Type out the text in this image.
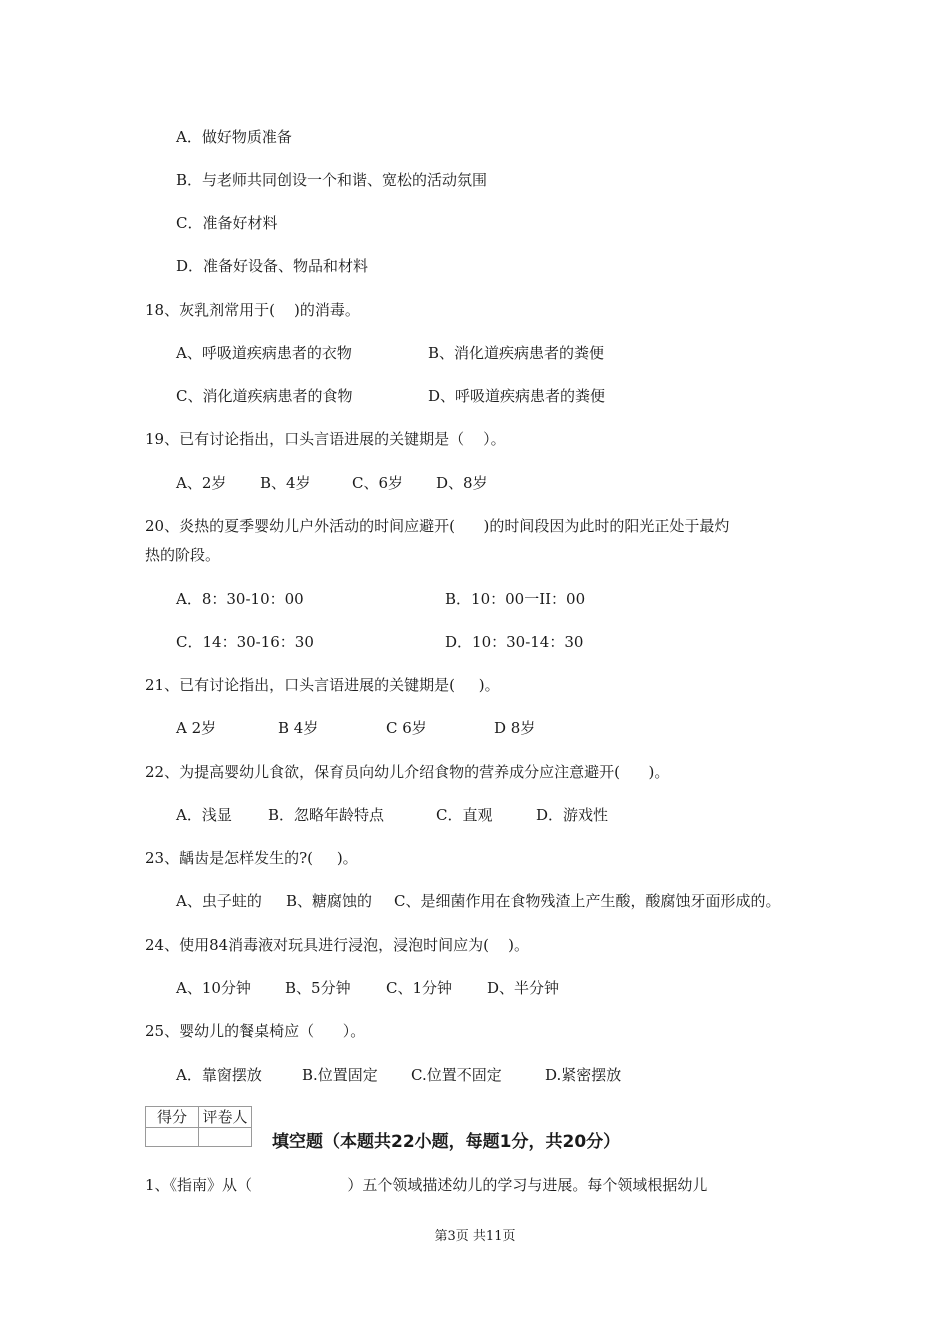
A．做好物质准备
B．与老师共同创设一个和谐、宽松的活动氛围
C．准备好材料
D．准备好设备、物品和材料
18、灰乳剂常用于(    )的消毒。
A、呼吸道疾病患者的衣物	B、消化道疾病患者的粪便
C、消化道疾病患者的食物	D、呼吸道疾病患者的粪便
19、已有讨论指出，口头言语进展的关键期是（    ）。
A、2岁 B、4岁	C、6岁 D、8岁
20、炎热的夏季婴幼儿户外活动的时间应避开(      )的时间段因为此时的阳光正处于最灼
热的阶段。
A．8：30-10：00	B．10：00一II：00
C．14：30-16：30	D．10：30-14：30
21、已有讨论指出，口头言语进展的关键期是(     )。
A 2岁	B 4岁	C 6岁	D 8岁
22、为提高婴幼儿食欲，保育员向幼儿介绍食物的营养成分应注意避开(      )。
A．浅显 B．忽略年龄特点	C．直观	D．游戏性
23、龋齿是怎样发生的?(     )。
A、虫子蛀的 B、糖腐蚀的 C、是细菌作用在食物残渣上产生酸，酸腐蚀牙面形成的。
24、使用84消毒液对玩具进行浸泡，浸泡时间应为(    )。
A、10分钟 B、5分钟 C、1分钟 D、半分钟
25、婴幼儿的餐桌椅应（      ）。
A．靠窗摆放	B.位置固定 C.位置不固定	D.紧密摆放
得分	评卷人

填空题（本题共22小题，每题1分，共20分）
1、《指南》从（                    ）五个领域描述幼儿的学习与进展。每个领域根据幼儿
第3页 共11页
